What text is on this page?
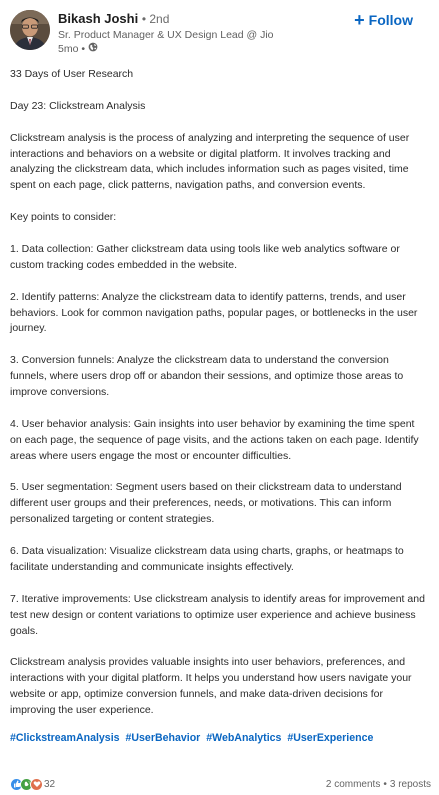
Bikash Joshi • 2nd
Sr. Product Manager & UX Design Lead @ Jio
5mo •
+ Follow

33 Days of User Research

Day 23: Clickstream Analysis

Clickstream analysis is the process of analyzing and interpreting the sequence of user interactions and behaviors on a website or digital platform. It involves tracking and analyzing the clickstream data, which includes information such as pages visited, time spent on each page, click patterns, navigation paths, and conversion events.

Key points to consider:

1. Data collection: Gather clickstream data using tools like web analytics software or custom tracking codes embedded in the website.

2. Identify patterns: Analyze the clickstream data to identify patterns, trends, and user behaviors. Look for common navigation paths, popular pages, or bottlenecks in the user journey.

3. Conversion funnels: Analyze the clickstream data to understand the conversion funnels, where users drop off or abandon their sessions, and optimize those areas to improve conversions.

4. User behavior analysis: Gain insights into user behavior by examining the time spent on each page, the sequence of page visits, and the actions taken on each page. Identify areas where users engage the most or encounter difficulties.

5. User segmentation: Segment users based on their clickstream data to understand different user groups and their preferences, needs, or motivations. This can inform personalized targeting or content strategies.

6. Data visualization: Visualize clickstream data using charts, graphs, or heatmaps to facilitate understanding and communicate insights effectively.

7. Iterative improvements: Use clickstream analysis to identify areas for improvement and test new design or content variations to optimize user experience and achieve business goals.

Clickstream analysis provides valuable insights into user behaviors, preferences, and interactions with your digital platform. It helps you understand how users navigate your website or app, optimize conversion funnels, and make data-driven decisions for improving the user experience.

#ClickstreamAnalysis #UserBehavior #WebAnalytics #UserExperience
32	2 comments • 3 reposts
